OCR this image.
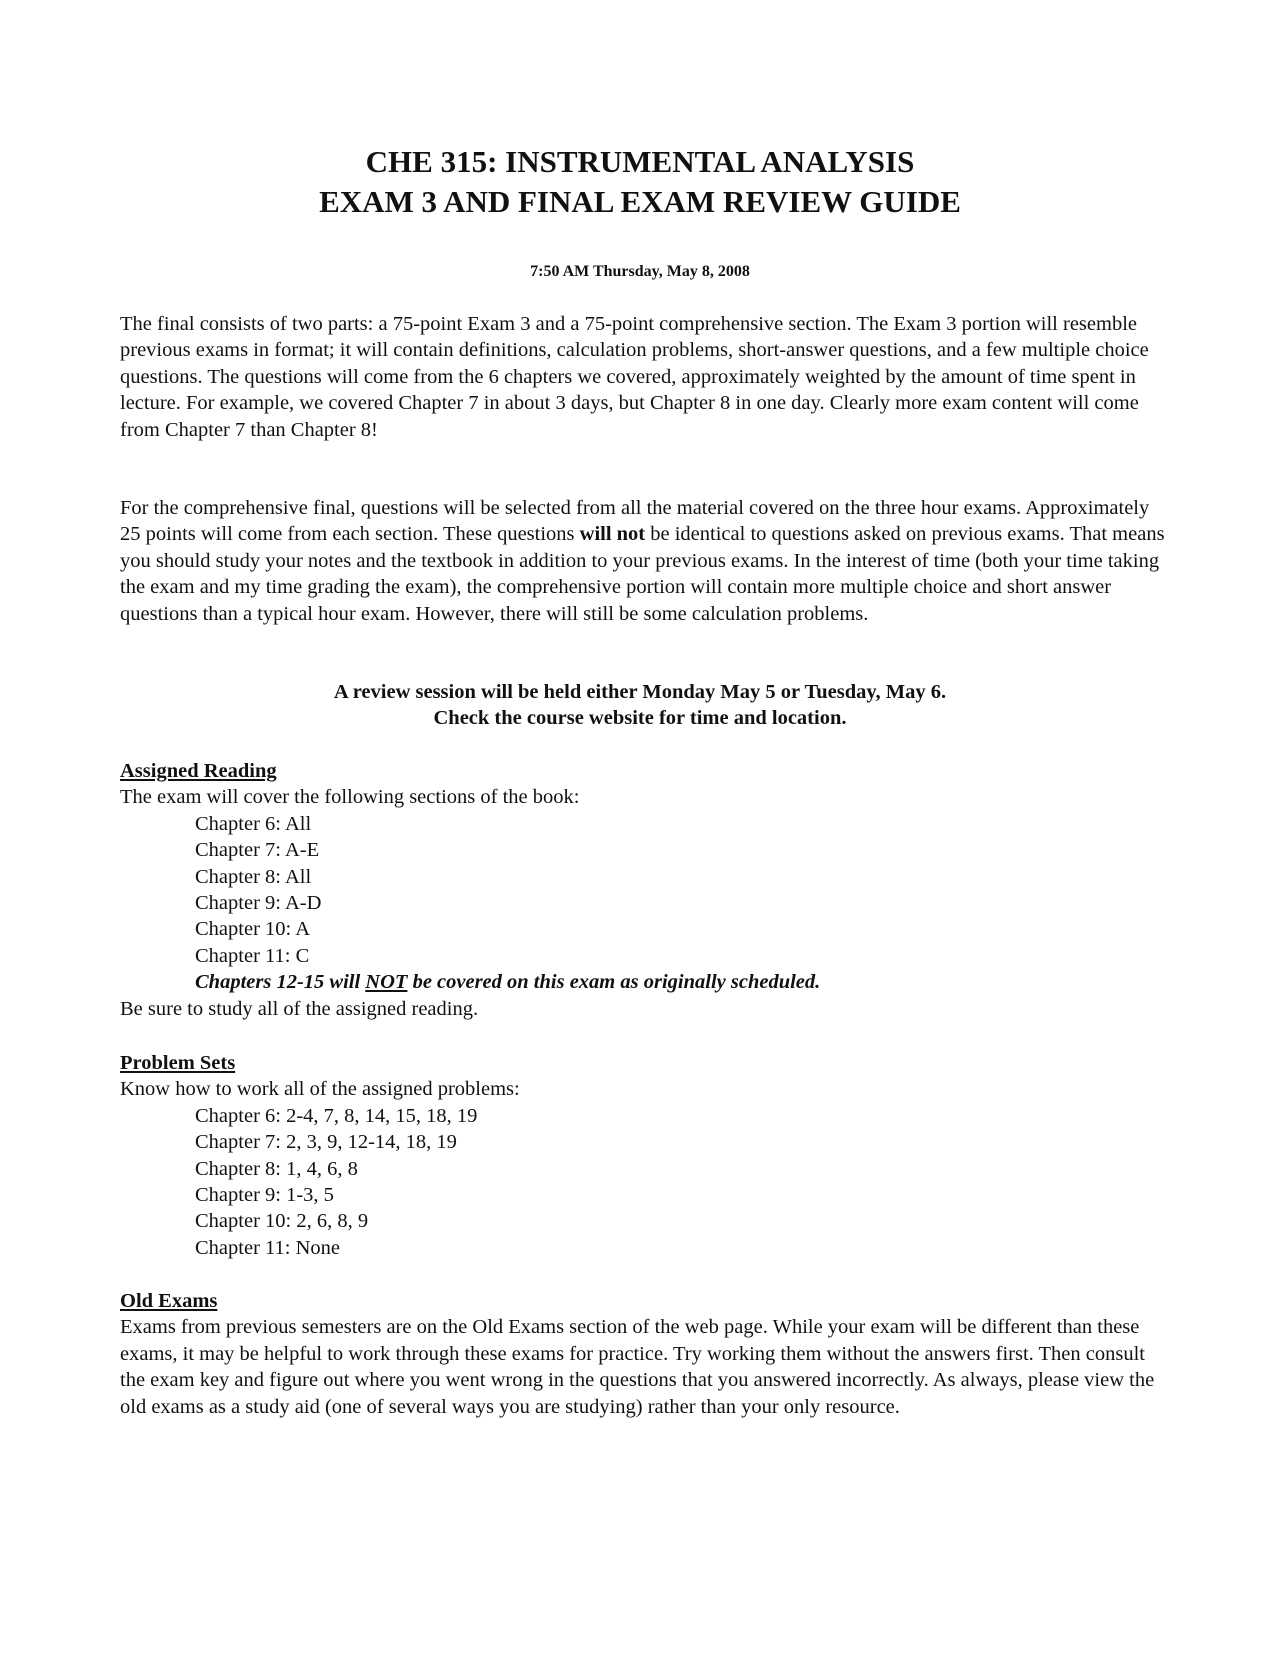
CHE 315: INSTRUMENTAL ANALYSIS
EXAM 3 AND FINAL EXAM REVIEW GUIDE
7:50 AM Thursday, May 8, 2008

The final consists of two parts: a 75-point Exam 3 and a 75-point comprehensive section. The Exam 3 portion will resemble previous exams in format; it will contain definitions, calculation problems, short-answer questions, and a few multiple choice questions. The questions will come from the 6 chapters we covered, approximately weighted by the amount of time spent in lecture. For example, we covered Chapter 7 in about 3 days, but Chapter 8 in one day. Clearly more exam content will come from Chapter 7 than Chapter 8!

For the comprehensive final, questions will be selected from all the material covered on the three hour exams. Approximately 25 points will come from each section. These questions will not be identical to questions asked on previous exams. That means you should study your notes and the textbook in addition to your previous exams. In the interest of time (both your time taking the exam and my time grading the exam), the comprehensive portion will contain more multiple choice and short answer questions than a typical hour exam. However, there will still be some calculation problems.

A review session will be held either Monday May 5 or Tuesday, May 6.
Check the course website for time and location.
Assigned Reading
The exam will cover the following sections of the book:
Chapter 6: All
Chapter 7: A-E
Chapter 8: All
Chapter 9: A-D
Chapter 10: A
Chapter 11: C
Chapters 12-15 will NOT be covered on this exam as originally scheduled.
Be sure to study all of the assigned reading.
Problem Sets
Know how to work all of the assigned problems:
Chapter 6: 2-4, 7, 8, 14, 15, 18, 19
Chapter 7: 2, 3, 9, 12-14, 18, 19
Chapter 8: 1, 4, 6, 8
Chapter 9: 1-3, 5
Chapter 10: 2, 6, 8, 9
Chapter 11: None
Old Exams

Exams from previous semesters are on the Old Exams section of the web page. While your exam will be different than these exams, it may be helpful to work through these exams for practice. Try working them without the answers first. Then consult the exam key and figure out where you went wrong in the questions that you answered incorrectly. As always, please view the old exams as a study aid (one of several ways you are studying) rather than your only resource.
